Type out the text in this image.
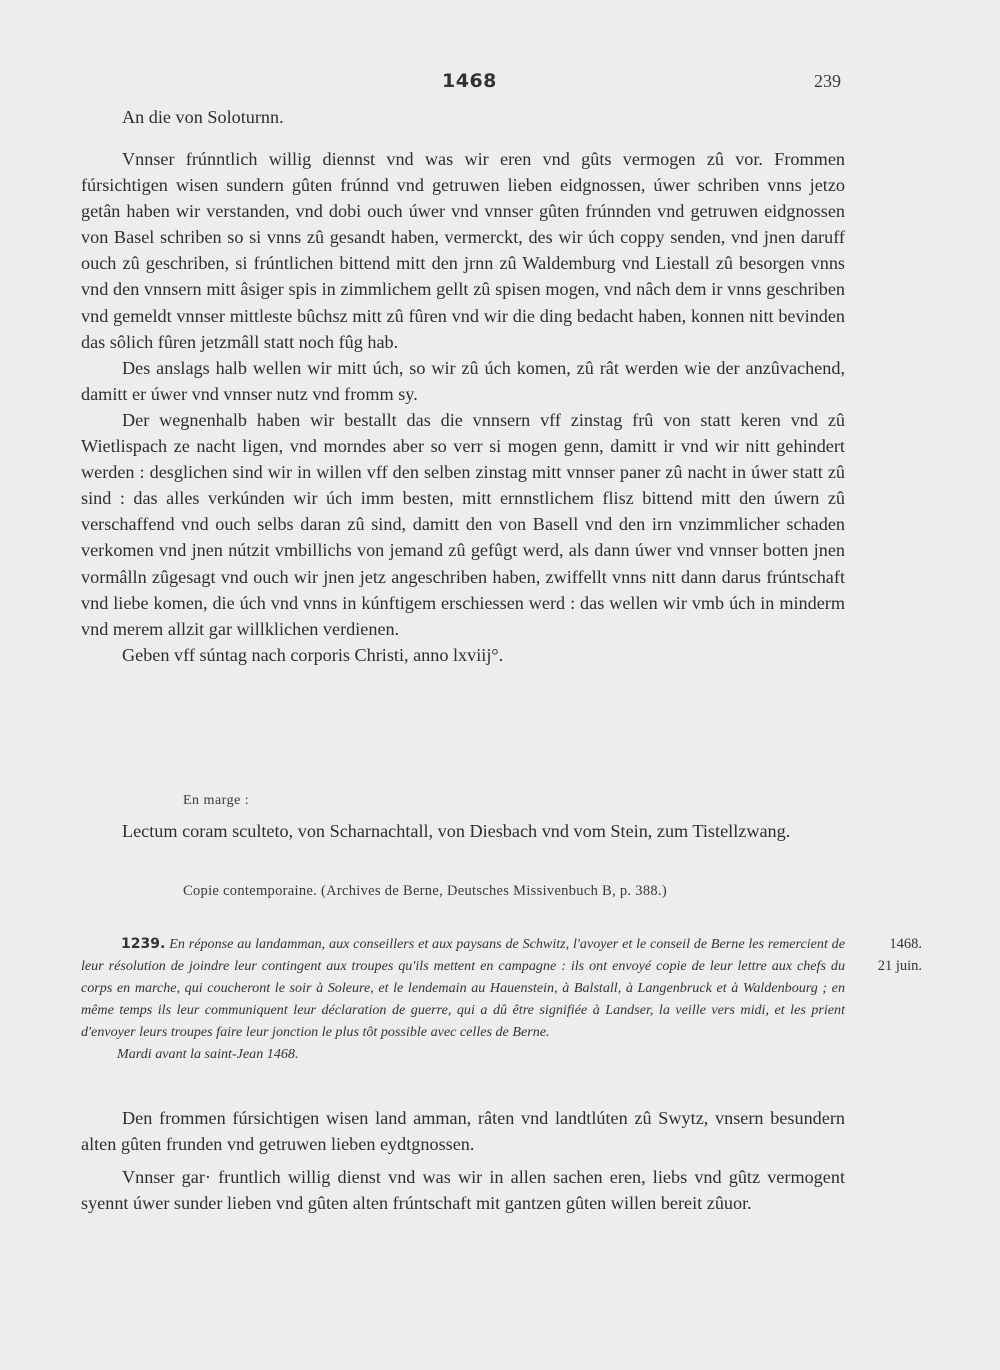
1468	239
An die von Soloturnn.

Vnnser frúnntlich willig diennst vnd was wir eren vnd gûts vermogen zû vor. Frommen fúrsichtigen wisen sundern gûten frúnnd vnd getruwen lieben eidgnossen, úwer schriben vnns jetzo getân haben wir verstanden, vnd dobi ouch úwer vnd vnnser gûten frúnnden vnd getruwen eidgnossen von Basel schriben so si vnns zû gesandt haben, vermerckt, des wir úch coppy senden, vnd jnen daruff ouch zû geschriben, si frúntlichen bittend mitt den jrnn zû Waldemburg vnd Liestall zû besorgen vnns vnd den vnnsern mitt âsiger spis in zimmlichem gellt zû spisen mogen, vnd nâch dem ir vnns geschriben vnd gemeldt vnnser mittleste bûchsz mitt zû fûren vnd wir die ding bedacht haben, konnen nitt bevinden das sôlich fûren jetzmâll statt noch fûg hab.

Des anslags halb wellen wir mitt úch, so wir zû úch komen, zû rât werden wie der anzûvachend, damitt er úwer vnd vnnser nutz vnd fromm sy.

Der wegnenhalb haben wir bestallt das die vnnsern vff zinstag frû von statt keren vnd zû Wietlispach ze nacht ligen, vnd morndes aber so verr si mogen genn, damitt ir vnd wir nitt gehindert werden : desglichen sind wir in willen vff den selben zinstag mitt vnnser paner zû nacht in úwer statt zû sind : das alles verkúnden wir úch imm besten, mitt ernnstlichem flisz bittend mitt den úwern zû verschaffend vnd ouch selbs daran zû sind, damitt den von Basell vnd den irn vnzimmlicher schaden verkomen vnd jnen nútzit vmbillichs von jemand zû gefûgt werd, als dann úwer vnd vnnser botten jnen vormâlln zûgesagt vnd ouch wir jnen jetz angeschriben haben, zwiffellt vnns nitt dann darus frúntschaft vnd liebe komen, die úch vnd vnns in kúnftigem erschiessen werd : das wellen wir vmb úch in minderm vnd merem allzit gar willklichen verdienen.

Geben vff súntag nach corporis Christi, anno lxviij°.

En marge :

Lectum coram sculteto, von Scharnachtall, von Diesbach vnd vom Stein, zum Tistellzwang.

Copie contemporaine. (Archives de Berne, Deutsches Missivenbuch B, p. 388.)
1239. En réponse au landamman, aux conseillers et aux paysans de Schwitz, l'avoyer et le conseil de Berne les remercient de leur résolution de joindre leur contingent aux troupes qu'ils mettent en campagne : ils ont envoyé copie de leur lettre aux chefs du corps en marche, qui coucheront le soir à Soleure, et le lendemain au Hauenstein, à Balstall, à Langenbruck et à Waldenbourg ; en même temps ils leur communiquent leur déclaration de guerre, qui a dû être signifiée à Landser, la veille vers midi, et les prient d'envoyer leurs troupes faire leur jonction le plus tôt possible avec celles de Berne.
Mardi avant la saint-Jean 1468.
1468.
21 juin.

Den frommen fúrsichtigen wisen land amman, râten vnd landtlúten zû Swytz, vnsern besundern alten gûten frunden vnd getruwen lieben eydtgnossen.

Vnnser gar· fruntlich willig dienst vnd was wir in allen sachen eren, liebs vnd gûtz vermogent syennt úwer sunder lieben vnd gûten alten frúntschaft mit gantzen gûten willen bereit zûuor.
